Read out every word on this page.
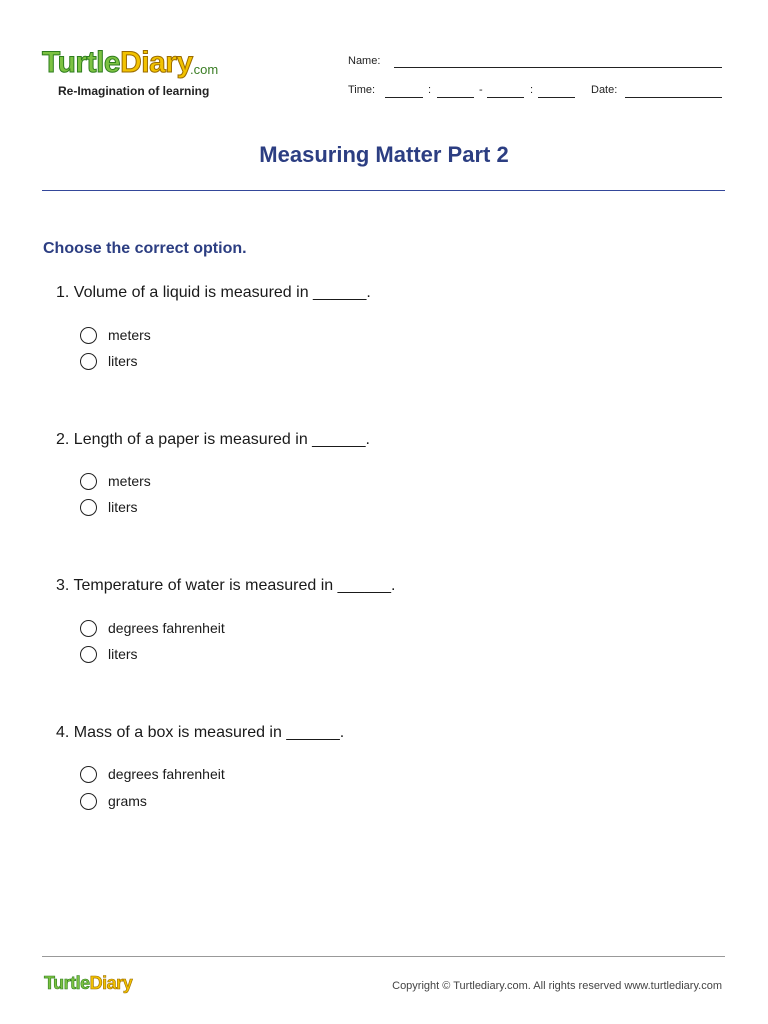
TurtleDiary
.com
Re-Imagination of learning
Name:
Time:	:	-	:	Date:
Measuring Matter Part 2
Choose the correct option.
1. Volume of a liquid is measured in ______.
meters
liters
2. Length of a paper is measured in ______.
meters
liters
3. Temperature of water is measured in ______.
degrees fahrenheit
liters
4. Mass of a box is measured in ______.
degrees fahrenheit
grams
TurtleDiary	Copyright © Turtlediary.com. All rights reserved www.turtlediary.com
